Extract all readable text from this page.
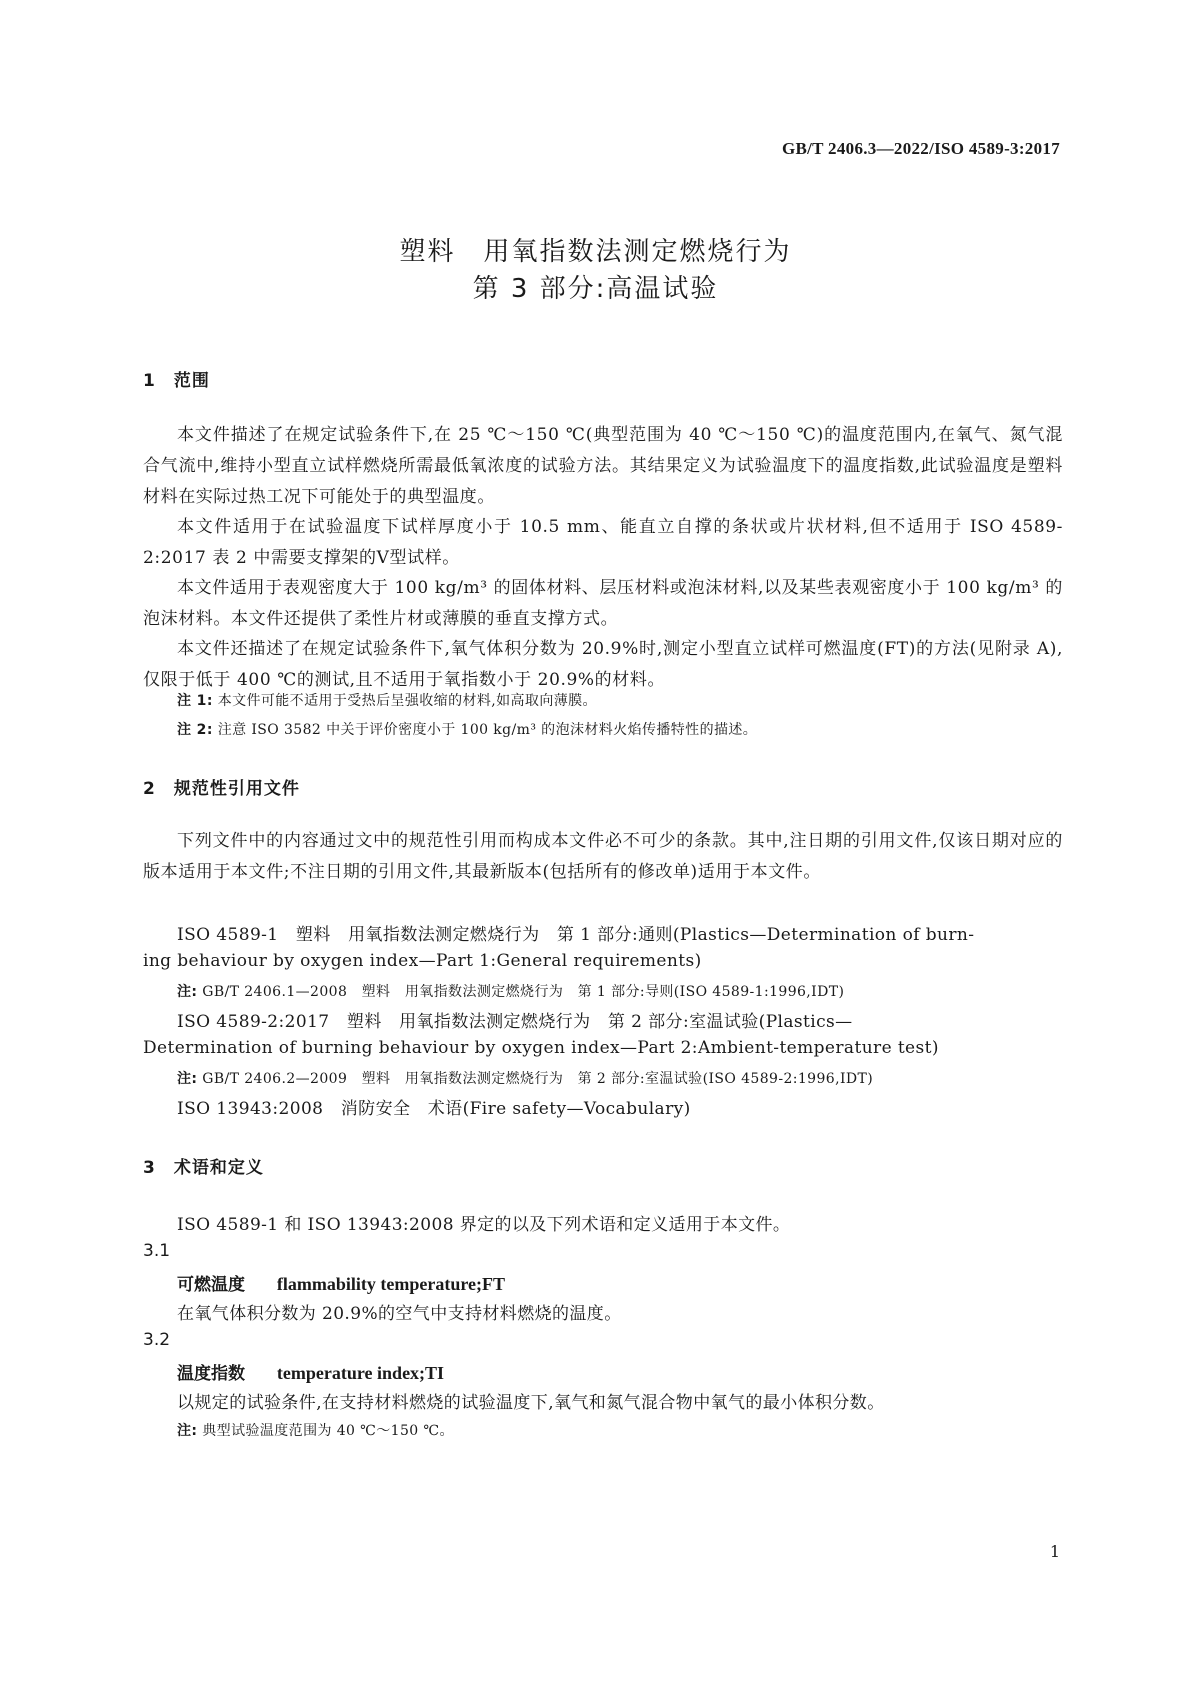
GB/T 2406.3—2022/ISO 4589-3:2017
塑料　用氧指数法测定燃烧行为
第 3 部分:高温试验
1　范围
本文件描述了在规定试验条件下,在 25 ℃～150 ℃(典型范围为 40 ℃～150 ℃)的温度范围内,在氧气、氮气混合气流中,维持小型直立试样燃烧所需最低氧浓度的试验方法。其结果定义为试验温度下的温度指数,此试验温度是塑料材料在实际过热工况下可能处于的典型温度。
本文件适用于在试验温度下试样厚度小于 10.5 mm、能直立自撑的条状或片状材料,但不适用于 ISO 4589-2:2017 表 2 中需要支撑架的Ⅴ型试样。
本文件适用于表观密度大于 100 kg/m³ 的固体材料、层压材料或泡沫材料,以及某些表观密度小于 100 kg/m³ 的泡沫材料。本文件还提供了柔性片材或薄膜的垂直支撑方式。
本文件还描述了在规定试验条件下,氧气体积分数为 20.9%时,测定小型直立试样可燃温度(FT)的方法(见附录 A),仅限于低于 400 ℃的测试,且不适用于氧指数小于 20.9%的材料。
注 1: 本文件可能不适用于受热后呈强收缩的材料,如高取向薄膜。
注 2: 注意 ISO 3582 中关于评价密度小于 100 kg/m³ 的泡沫材料火焰传播特性的描述。
2　规范性引用文件
下列文件中的内容通过文中的规范性引用而构成本文件必不可少的条款。其中,注日期的引用文件,仅该日期对应的版本适用于本文件;不注日期的引用文件,其最新版本(包括所有的修改单)适用于本文件。
ISO 4589-1　塑料　用氧指数法测定燃烧行为　第 1 部分:通则(Plastics—Determination of burn-
ing behaviour by oxygen index—Part 1:General requirements)
注: GB/T 2406.1—2008　塑料　用氧指数法测定燃烧行为　第 1 部分:导则(ISO 4589-1:1996,IDT)
ISO 4589-2:2017　塑料　用氧指数法测定燃烧行为　第 2 部分:室温试验(Plastics—
Determination of burning behaviour by oxygen index—Part 2:Ambient-temperature test)
注: GB/T 2406.2—2009　塑料　用氧指数法测定燃烧行为　第 2 部分:室温试验(ISO 4589-2:1996,IDT)
ISO 13943:2008　消防安全　术语(Fire safety—Vocabulary)
3　术语和定义
ISO 4589-1 和 ISO 13943:2008 界定的以及下列术语和定义适用于本文件。
3.1
可燃温度 flammability temperature;FT
在氧气体积分数为 20.9%的空气中支持材料燃烧的温度。
3.2
温度指数 temperature index;TI
以规定的试验条件,在支持材料燃烧的试验温度下,氧气和氮气混合物中氧气的最小体积分数。
注: 典型试验温度范围为 40 ℃～150 ℃。
1
